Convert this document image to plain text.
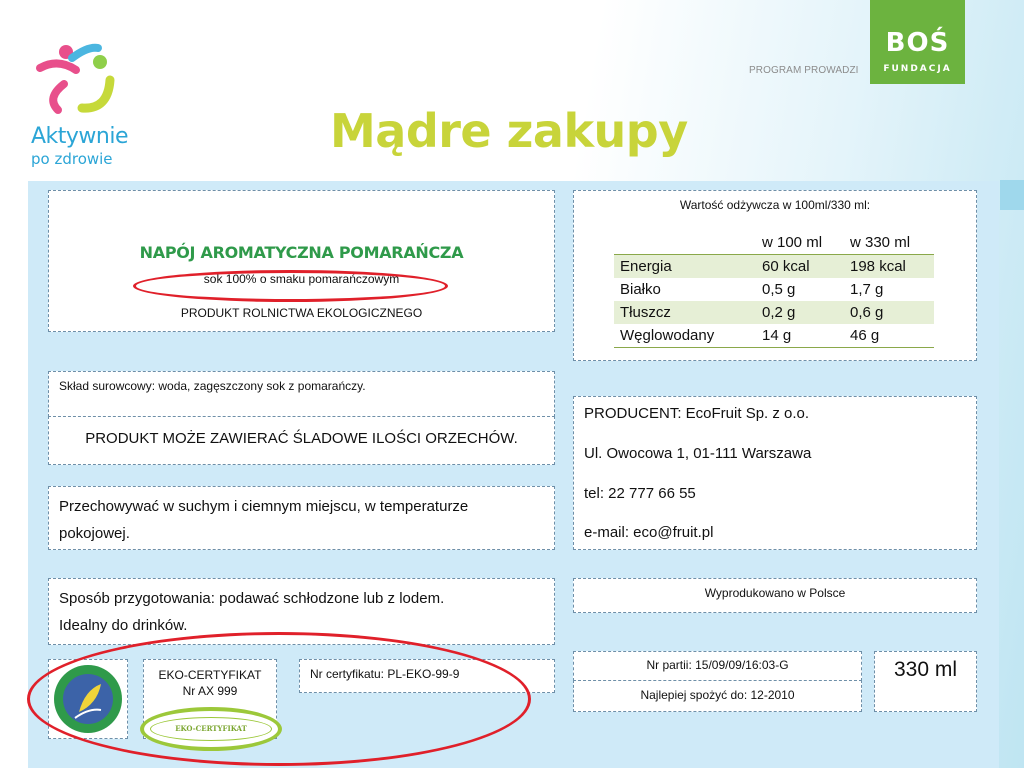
Aktywnie
po zdrowie
PROGRAM PROWADZI
BOŚ
FUNDACJA
Mądre zakupy
NAPÓJ AROMATYCZNA POMARAŃCZA
sok 100% o smaku pomarańczowym
PRODUKT ROLNICTWA EKOLOGICZNEGO
Wartość odżywcza w 100ml/330 ml:
	w 100 ml	w 330 ml
Energia	60 kcal	198 kcal
Białko	0,5 g	1,7 g
Tłuszcz	0,2 g	0,6 g
Węglowodany	14 g	46 g
Skład surowcowy: woda, zagęszczony sok z pomarańczy.
PRODUKT MOŻE ZAWIERAĆ ŚLADOWE ILOŚCI ORZECHÓW.
PRODUCENT: EcoFruit Sp. z o.o.
Ul. Owocowa 1, 01-111 Warszawa
tel: 22 777 66 55
e-mail: eco@fruit.pl
Przechowywać w suchym i ciemnym miejscu, w temperaturze
pokojowej.
Sposób przygotowania: podawać schłodzone lub z lodem.
Idealny do drinków.
Wyprodukowano w Polsce
EKO-CERTYFIKAT
Nr AX 999
Nr certyfikatu: PL-EKO-99-9
Nr partii: 15/09/09/16:03-G
Najlepiej spożyć do: 12-2010
330 ml
EKO-CERTYFIKAT
